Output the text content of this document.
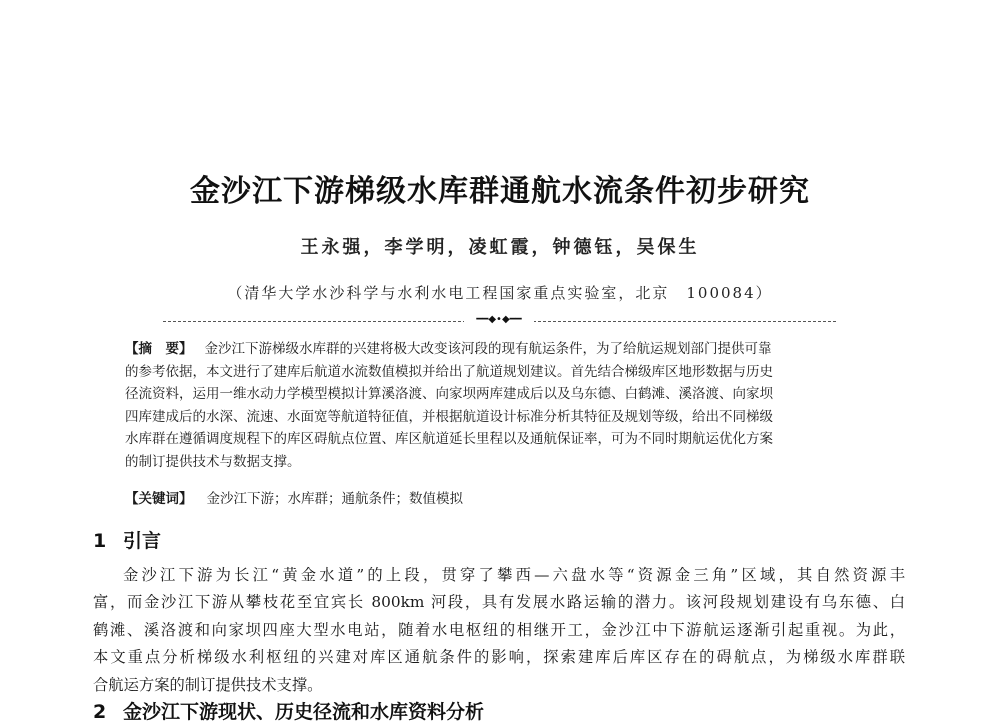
金沙江下游梯级水库群通航水流条件初步研究
王永强，李学明，凌虹霞，钟德钰，吴保生
（清华大学水沙科学与水利水电工程国家重点实验室，北京　100084）
━━◆•◆━━
【摘　要】 金沙江下游梯级水库群的兴建将极大改变该河段的现有航运条件，为了给航运规划部门提供可靠
的参考依据，本文进行了建库后航道水流数值模拟并给出了航道规划建议。首先结合梯级库区地形数据与历史
径流资料，运用一维水动力学模型模拟计算溪洛渡、向家坝两库建成后以及乌东德、白鹤滩、溪洛渡、向家坝
四库建成后的水深、流速、水面宽等航道特征值，并根据航道设计标准分析其特征及规划等级，给出不同梯级
水库群在遵循调度规程下的库区碍航点位置、库区航道延长里程以及通航保证率，可为不同时期航运优化方案
的制订提供技术与数据支撑。
【关键词】 金沙江下游；水库群；通航条件；数值模拟
1 引言
金沙江下游为长江“黄金水道”的上段，贯穿了攀西—六盘水等“资源金三角”区域，其自然资源丰
富，而金沙江下游从攀枝花至宜宾长 800km 河段，具有发展水路运输的潜力。该河段规划建设有乌东德、白
鹤滩、溪洛渡和向家坝四座大型水电站，随着水电枢纽的相继开工，金沙江中下游航运逐渐引起重视。为此，
本文重点分析梯级水利枢纽的兴建对库区通航条件的影响，探索建库后库区存在的碍航点，为梯级水库群联
合航运方案的制订提供技术支撑。
2 金沙江下游现状、历史径流和水库资料分析
